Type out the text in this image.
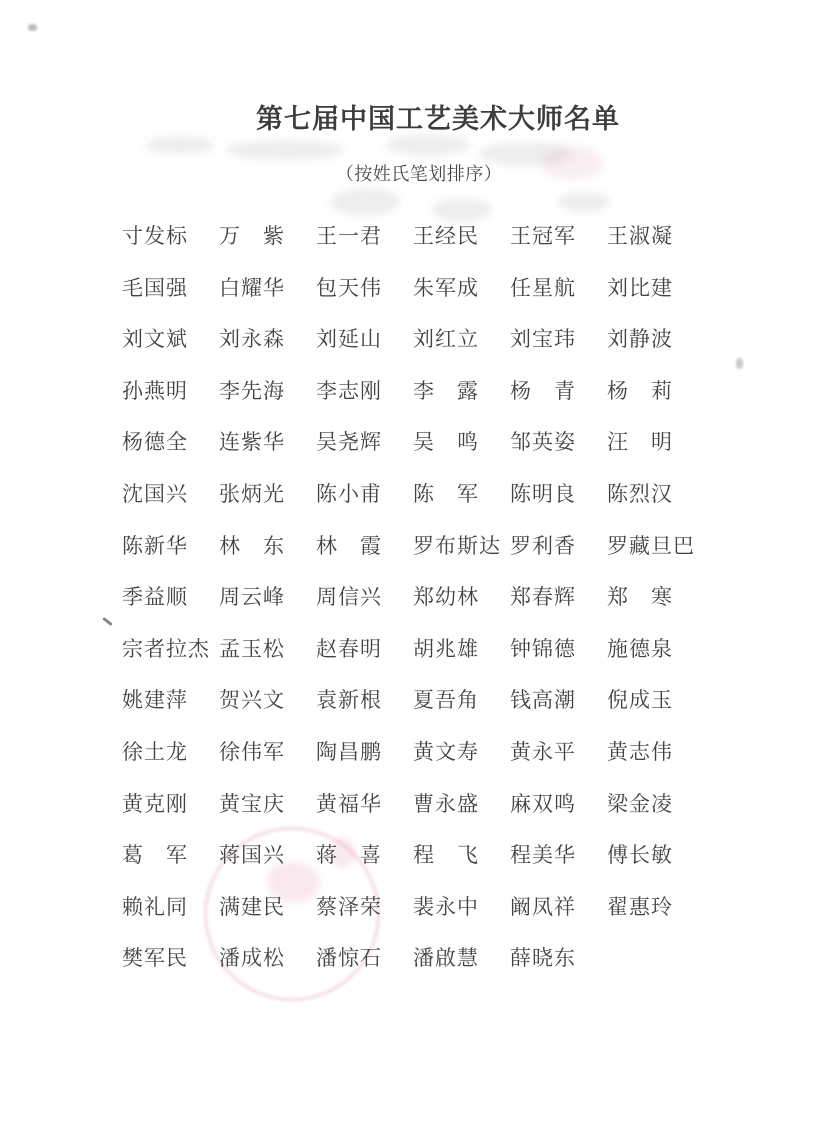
第七届中国工艺美术大师名单
（按姓氏笔划排序）
寸发标	万　紫	王一君	王经民	王冠军	王淑凝
毛国强	白耀华	包天伟	朱军成	任星航	刘比建
刘文斌	刘永森	刘延山	刘红立	刘宝玮	刘静波
孙燕明	李先海	李志刚	李　露	杨　青	杨　莉
杨德全	连紫华	吴尧辉	吴　鸣	邹英姿	汪　明
沈国兴	张炳光	陈小甫	陈　军	陈明良	陈烈汉
陈新华	林　东	林　霞	罗布斯达 罗利香	罗藏旦巴
季益顺	周云峰	周信兴	郑幼林	郑春辉	郑　寒
宗者拉杰 孟玉松	赵春明	胡兆雄	钟锦德	施德泉
姚建萍	贺兴文	袁新根	夏吾角	钱高潮	倪成玉
徐土龙	徐伟军	陶昌鹏	黄文寿	黄永平	黄志伟
黄克刚	黄宝庆	黄福华	曹永盛	麻双鸣	梁金凌
葛　军	蒋国兴	蒋　喜	程　飞	程美华	傅长敏
赖礼同	满建民	蔡泽荣	裴永中	阚凤祥	翟惠玲
樊军民	潘成松	潘惊石	潘啟慧	薛晓东
